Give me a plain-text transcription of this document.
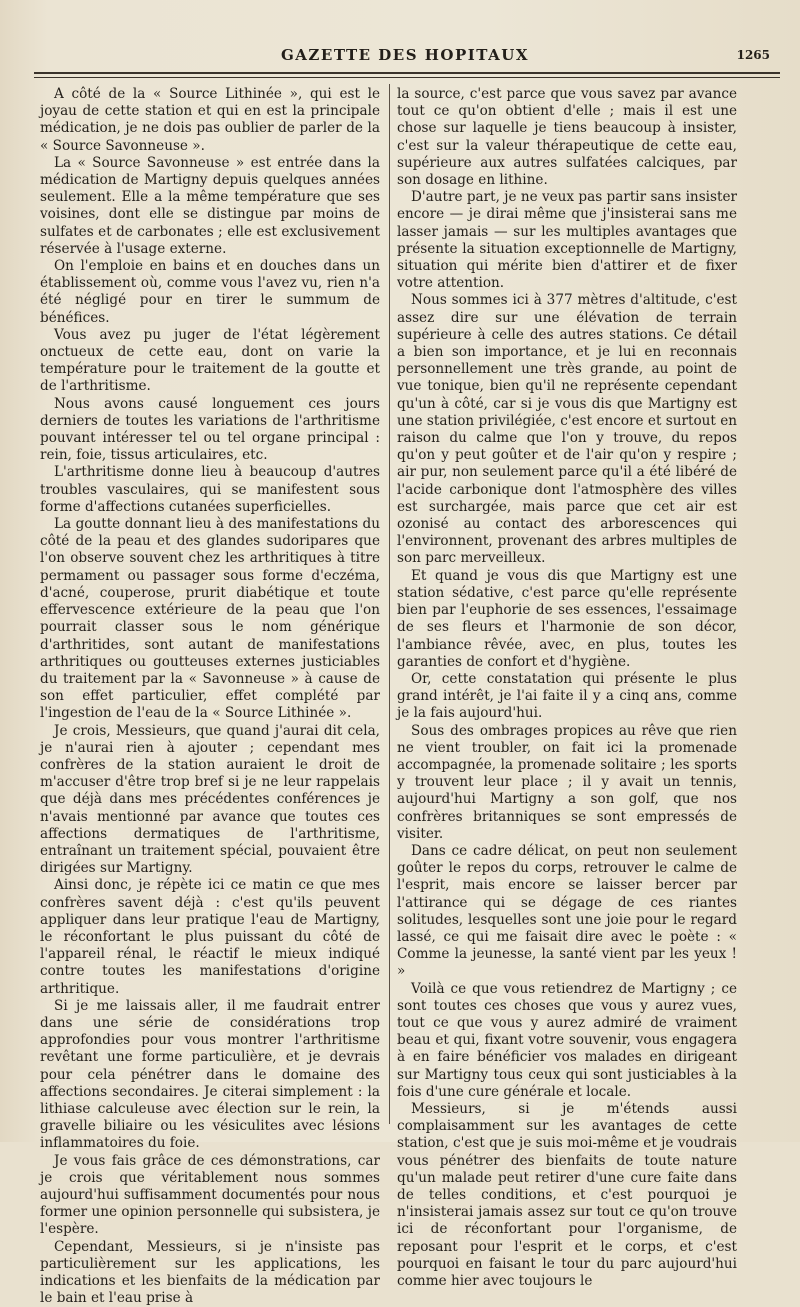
GAZETTE DES HOPITAUX	1265

A côté de la « Source Lithinée », qui est le joyau de cette station et qui en est la principale médication, je ne dois pas oublier de parler de la « Source Savonneuse ».

La « Source Savonneuse » est entrée dans la médication de Martigny depuis quelques années seulement. Elle a la même température que ses voisines, dont elle se distingue par moins de sulfates et de carbonates ; elle est exclusivement réservée à l'usage externe.

On l'emploie en bains et en douches dans un établissement où, comme vous l'avez vu, rien n'a été négligé pour en tirer le summum de bénéfices.

Vous avez pu juger de l'état légèrement onctueux de cette eau, dont on varie la température pour le traitement de la goutte et de l'arthritisme.

Nous avons causé longuement ces jours derniers de toutes les variations de l'arthritisme pouvant intéresser tel ou tel organe principal : rein, foie, tissus articulaires, etc.

L'arthritisme donne lieu à beaucoup d'autres troubles vasculaires, qui se manifestent sous forme d'affections cutanées superficielles.

La goutte donnant lieu à des manifestations du côté de la peau et des glandes sudoripares que l'on observe souvent chez les arthritiques à titre permament ou passager sous forme d'eczéma, d'acné, couperose, prurit diabétique et toute effervescence extérieure de la peau que l'on pourrait classer sous le nom générique d'arthritides, sont autant de manifestations arthritiques ou goutteuses externes justiciables du traitement par la « Savonneuse » à cause de son effet particulier, effet complété par l'ingestion de l'eau de la « Source Lithinée ».

Je crois, Messieurs, que quand j'aurai dit cela, je n'aurai rien à ajouter ; cependant mes confrères de la station auraient le droit de m'accuser d'être trop bref si je ne leur rappelais que déjà dans mes précédentes conférences je n'avais mentionné par avance que toutes ces affections dermatiques de l'arthritisme, entraînant un traitement spécial, pouvaient être dirigées sur Martigny.

Ainsi donc, je répète ici ce matin ce que mes confrères savent déjà : c'est qu'ils peuvent appliquer dans leur pratique l'eau de Martigny, le réconfortant le plus puissant du côté de l'appareil rénal, le réactif le mieux indiqué contre toutes les manifestations d'origine arthritique.

Si je me laissais aller, il me faudrait entrer dans une série de considérations trop approfondies pour vous montrer l'arthritisme revêtant une forme particulière, et je devrais pour cela pénétrer dans le domaine des affections secondaires. Je citerai simplement : la lithiase calculeuse avec élection sur le rein, la gravelle biliaire ou les vésiculites avec lésions inflammatoires du foie.

Je vous fais grâce de ces démonstrations, car je crois que véritablement nous sommes aujourd'hui suffisamment documentés pour nous former une opinion personnelle qui subsistera, je l'espère.

Cependant, Messieurs, si je n'insiste pas particulièrement sur les applications, les indications et les bienfaits de la médication par le bain et l'eau prise à

la source, c'est parce que vous savez par avance tout ce qu'on obtient d'elle ; mais il est une chose sur laquelle je tiens beaucoup à insister, c'est sur la valeur thérapeutique de cette eau, supérieure aux autres sulfatées calciques, par son dosage en lithine.

D'autre part, je ne veux pas partir sans insister encore — je dirai même que j'insisterai sans me lasser jamais — sur les multiples avantages que présente la situation exceptionnelle de Martigny, situation qui mérite bien d'attirer et de fixer votre attention.

Nous sommes ici à 377 mètres d'altitude, c'est assez dire sur une élévation de terrain supérieure à celle des autres stations. Ce détail a bien son importance, et je lui en reconnais personnellement une très grande, au point de vue tonique, bien qu'il ne représente cependant qu'un à côté, car si je vous dis que Martigny est une station privilégiée, c'est encore et surtout en raison du calme que l'on y trouve, du repos qu'on y peut goûter et de l'air qu'on y respire ; air pur, non seulement parce qu'il a été libéré de l'acide carbonique dont l'atmosphère des villes est surchargée, mais parce que cet air est ozonisé au contact des arborescences qui l'environnent, provenant des arbres multiples de son parc merveilleux.

Et quand je vous dis que Martigny est une station sédative, c'est parce qu'elle représente bien par l'euphorie de ses essences, l'essaimage de ses fleurs et l'harmonie de son décor, l'ambiance rêvée, avec, en plus, toutes les garanties de confort et d'hygiène.

Or, cette constatation qui présente le plus grand intérêt, je l'ai faite il y a cinq ans, comme je la fais aujourd'hui.

Sous des ombrages propices au rêve que rien ne vient troubler, on fait ici la promenade accompagnée, la promenade solitaire ; les sports y trouvent leur place ; il y avait un tennis, aujourd'hui Martigny a son golf, que nos confrères britanniques se sont empressés de visiter.

Dans ce cadre délicat, on peut non seulement goûter le repos du corps, retrouver le calme de l'esprit, mais encore se laisser bercer par l'attirance qui se dégage de ces riantes solitudes, lesquelles sont une joie pour le regard lassé, ce qui me faisait dire avec le poète : « Comme la jeunesse, la santé vient par les yeux ! »

Voilà ce que vous retiendrez de Martigny ; ce sont toutes ces choses que vous y aurez vues, tout ce que vous y aurez admiré de vraiment beau et qui, fixant votre souvenir, vous engagera à en faire bénéficier vos malades en dirigeant sur Martigny tous ceux qui sont justiciables à la fois d'une cure générale et locale.

Messieurs, si je m'étends aussi complaisamment sur les avantages de cette station, c'est que je suis moi-même et je voudrais vous pénétrer des bienfaits de toute nature qu'un malade peut retirer d'une cure faite dans de telles conditions, et c'est pourquoi je n'insisterai jamais assez sur tout ce qu'on trouve ici de réconfortant pour l'organisme, de reposant pour l'esprit et le corps, et c'est pourquoi en faisant le tour du parc aujourd'hui comme hier avec toujours le
